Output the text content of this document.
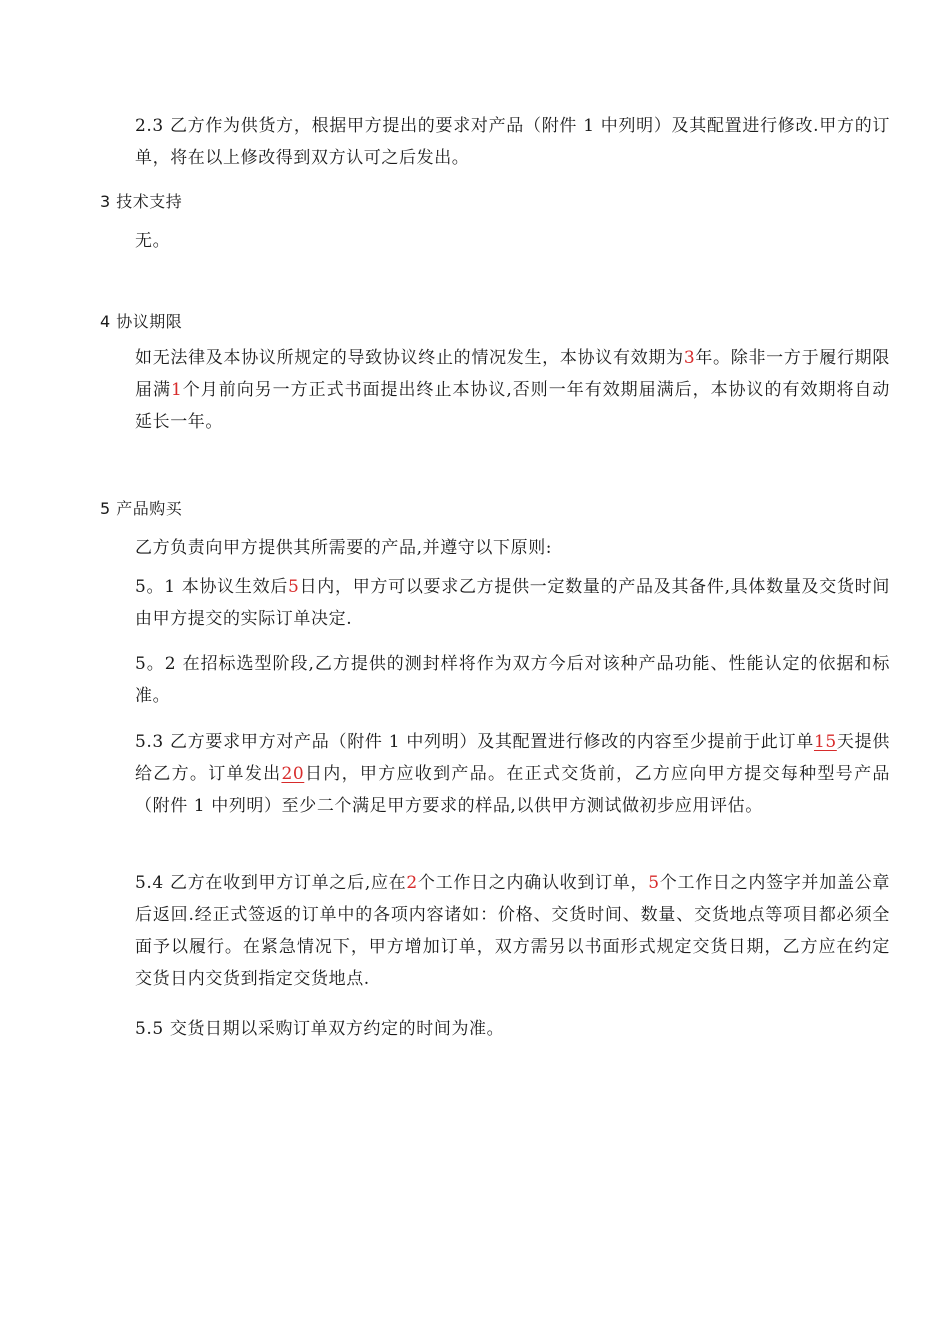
2.3 乙方作为供货方，根据甲方提出的要求对产品（附件 1 中列明）及其配置进行修改.甲方的订单，将在以上修改得到双方认可之后发出。

3 技术支持

无。

4 协议期限

如无法律及本协议所规定的导致协议终止的情况发生，本协议有效期为3年。除非一方于履行期限届满1个月前向另一方正式书面提出终止本协议,否则一年有效期届满后，本协议的有效期将自动延长一年。

5 产品购买

乙方负责向甲方提供其所需要的产品,并遵守以下原则:

5。1 本协议生效后5日内，甲方可以要求乙方提供一定数量的产品及其备件,具体数量及交货时间由甲方提交的实际订单决定.

5。2 在招标选型阶段,乙方提供的测封样将作为双方今后对该种产品功能、性能认定的依据和标准。

5.3 乙方要求甲方对产品（附件 1 中列明）及其配置进行修改的内容至少提前于此订单15天提供给乙方。订单发出20日内，甲方应收到产品。在正式交货前，乙方应向甲方提交每种型号产品（附件 1 中列明）至少二个满足甲方要求的样品,以供甲方测试做初步应用评估。

5.4 乙方在收到甲方订单之后,应在2个工作日之内确认收到订单，5个工作日之内签字并加盖公章后返回.经正式签返的订单中的各项内容诸如：价格、交货时间、数量、交货地点等项目都必须全面予以履行。在紧急情况下，甲方增加订单，双方需另以书面形式规定交货日期，乙方应在约定交货日内交货到指定交货地点.

5.5 交货日期以采购订单双方约定的时间为准。
